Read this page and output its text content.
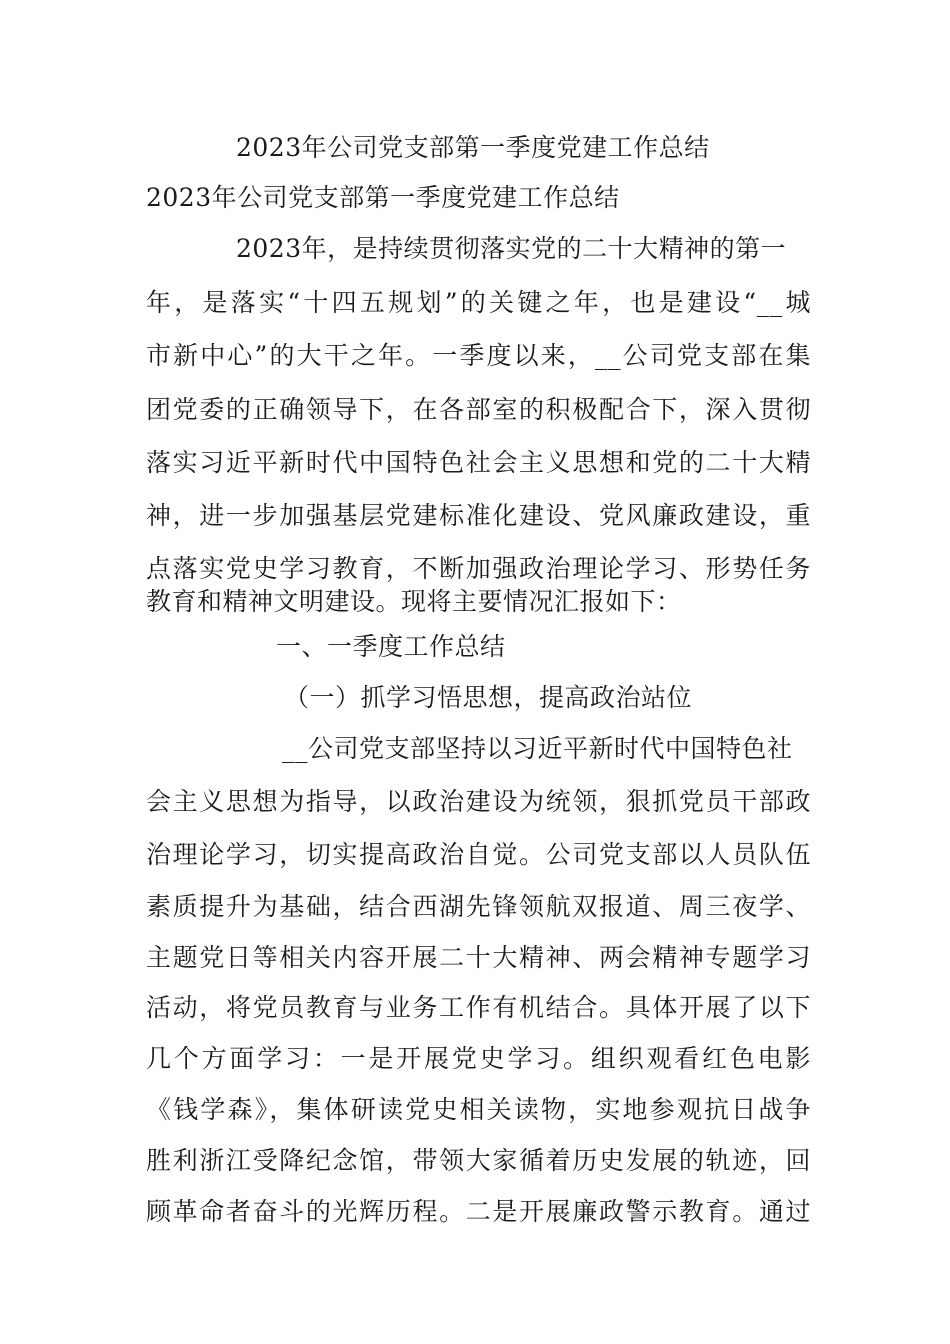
2023年公司党支部第一季度党建工作总结
2023年公司党支部第一季度党建工作总结
2023年，是持续贯彻落实党的二十大精神的第一
年，是落实“十四五规划”的关键之年，也是建设“__城
市新中心”的大干之年。一季度以来，__公司党支部在集
团党委的正确领导下，在各部室的积极配合下，深入贯彻
落实习近平新时代中国特色社会主义思想和党的二十大精
神，进一步加强基层党建标准化建设、党风廉政建设，重
点落实党史学习教育，不断加强政治理论学习、形势任务
教育和精神文明建设。现将主要情况汇报如下：
一、一季度工作总结
（一）抓学习悟思想，提高政治站位
__公司党支部坚持以习近平新时代中国特色社
会主义思想为指导，以政治建设为统领，狠抓党员干部政
治理论学习，切实提高政治自觉。公司党支部以人员队伍
素质提升为基础，结合西湖先锋领航双报道、周三夜学、
主题党日等相关内容开展二十大精神、两会精神专题学习
活动，将党员教育与业务工作有机结合。具体开展了以下
几个方面学习：一是开展党史学习。组织观看红色电影
《钱学森》，集体研读党史相关读物，实地参观抗日战争
胜利浙江受降纪念馆，带领大家循着历史发展的轨迹，回
顾革命者奋斗的光辉历程。二是开展廉政警示教育。通过
